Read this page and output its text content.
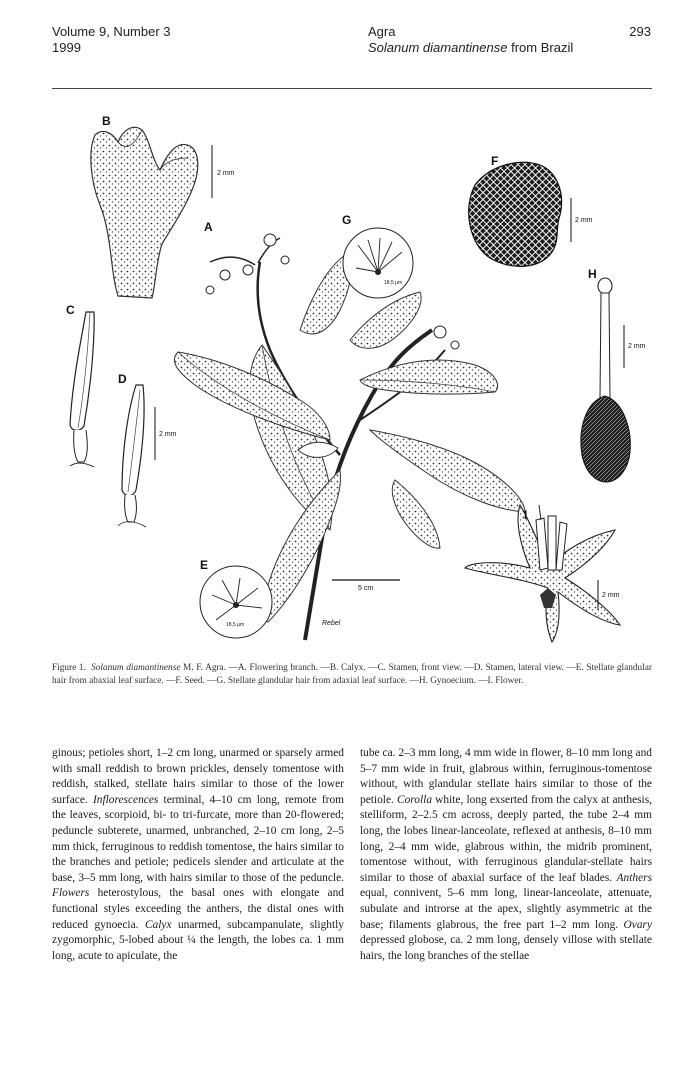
Volume 9, Number 3
1999
Agra
Solanum diamantinense from Brazil
293
2 mm
B
C
2 mm
D
5 cm
Rebel
A
18,5 μm
G
18,5 μm
E
2 mm
F
2 mm
H
2 mm
I
Figure 1. Solanum diamantinense M. F. Agra. —A. Flowering branch. —B. Calyx. —C. Stamen, front view. —D. Stamen, lateral view. —E. Stellate glandular hair from abaxial leaf surface. —F. Seed. —G. Stellate glandular hair from adaxial leaf surface. —H. Gynoecium. —I. Flower.
ginous; petioles short, 1–2 cm long, unarmed or sparsely armed with small reddish to brown prickles, densely tomentose with reddish, stalked, stellate hairs similar to those of the lower surface. Inflorescences terminal, 4–10 cm long, remote from the leaves, scorpioid, bi- to tri-furcate, more than 20-flowered; peduncle subterete, unarmed, unbranched, 2–10 cm long, 2–5 mm thick, ferruginous to reddish tomentose, the hairs similar to the branches and petiole; pedicels slender and articulate at the base, 3–5 mm long, with hairs similar to those of the peduncle. Flowers heterostylous, the basal ones with elongate and functional styles exceeding the anthers, the distal ones with reduced gynoecia. Calyx unarmed, subcampanulate, slightly zygomorphic, 5-lobed about ¼ the length, the lobes ca. 1 mm long, acute to apiculate, the
tube ca. 2–3 mm long, 4 mm wide in flower, 8–10 mm long and 5–7 mm wide in fruit, glabrous within, ferruginous-tomentose without, with glandular stellate hairs similar to those of the petiole. Corolla white, long exserted from the calyx at anthesis, stelliform, 2–2.5 cm across, deeply parted, the tube 2–4 mm long, the lobes linear-lanceolate, reflexed at anthesis, 8–10 mm long, 2–4 mm wide, glabrous within, the midrib prominent, tomentose without, with ferruginous glandular-stellate hairs similar to those of abaxial surface of the leaf blades. Anthers equal, connivent, 5–6 mm long, linear-lanceolate, attenuate, subulate and introrse at the apex, slightly asymmetric at the base; filaments glabrous, the free part 1–2 mm long. Ovary depressed globose, ca. 2 mm long, densely villose with stellate hairs, the long branches of the stellae
